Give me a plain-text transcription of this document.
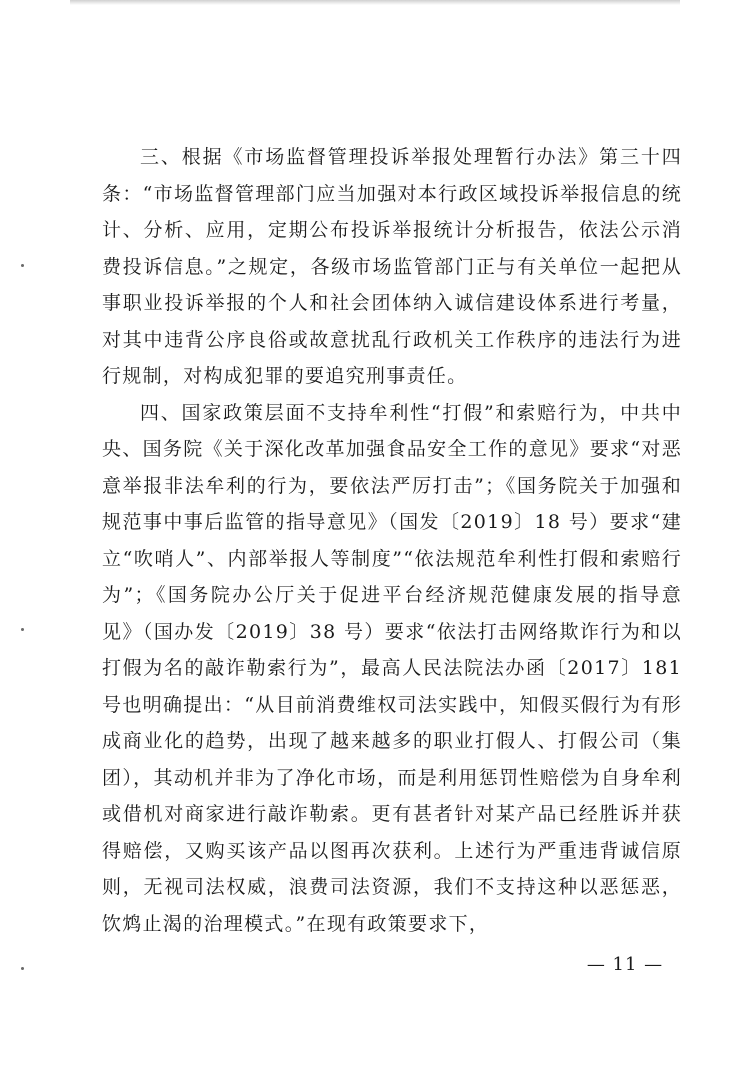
三、根据《市场监督管理投诉举报处理暂行办法》第三十四条：“市场监督管理部门应当加强对本行政区域投诉举报信息的统计、分析、应用，定期公布投诉举报统计分析报告，依法公示消费投诉信息。”之规定，各级市场监管部门正与有关单位一起把从事职业投诉举报的个人和社会团体纳入诚信建设体系进行考量，对其中违背公序良俗或故意扰乱行政机关工作秩序的违法行为进行规制，对构成犯罪的要追究刑事责任。

四、国家政策层面不支持牟利性“打假”和索赔行为，中共中央、国务院《关于深化改革加强食品安全工作的意见》要求“对恶意举报非法牟利的行为，要依法严厉打击”；《国务院关于加强和规范事中事后监管的指导意见》（国发〔2019〕18 号）要求“建立“吹哨人”、内部举报人等制度”“依法规范牟利性打假和索赔行为”；《国务院办公厅关于促进平台经济规范健康发展的指导意见》（国办发〔2019〕38 号）要求“依法打击网络欺诈行为和以打假为名的敲诈勒索行为”，最高人民法院法办函〔2017〕181 号也明确提出：“从目前消费维权司法实践中，知假买假行为有形成商业化的趋势，出现了越来越多的职业打假人、打假公司（集团），其动机并非为了净化市场，而是利用惩罚性赔偿为自身牟利或借机对商家进行敲诈勒索。更有甚者针对某产品已经胜诉并获得赔偿，又购买该产品以图再次获利。上述行为严重违背诚信原则，无视司法权威，浪费司法资源，我们不支持这种以恶惩恶，饮鸩止渴的治理模式。”在现有政策要求下，

— 11 —
